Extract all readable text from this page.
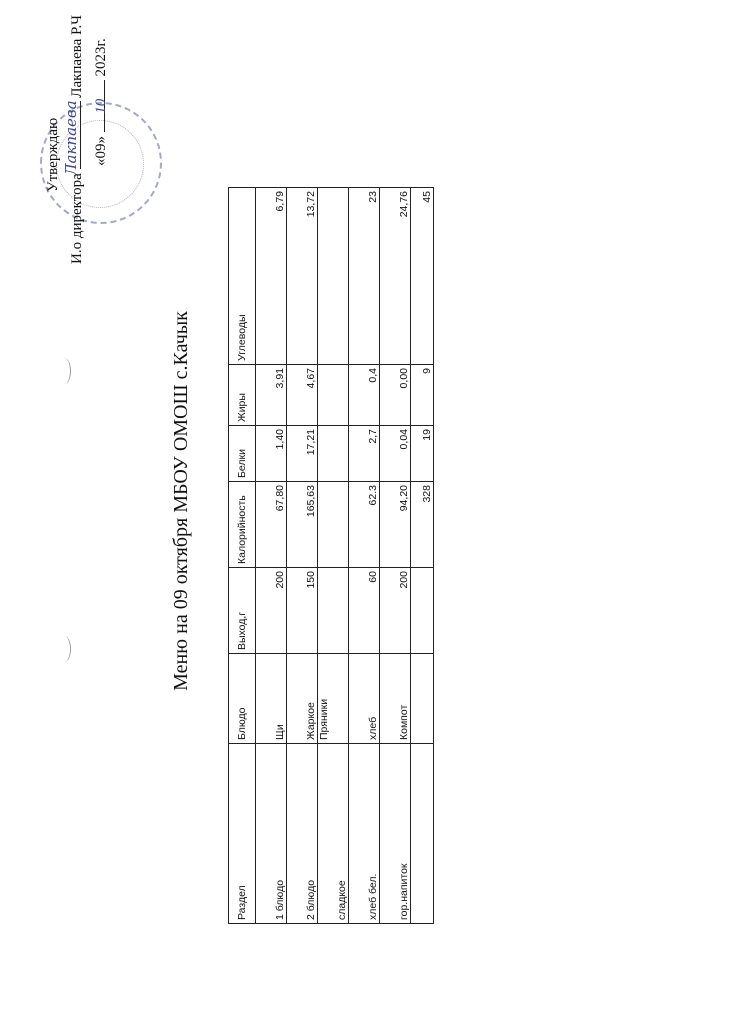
Утверждаю
И.о директора  Лакпаева Р.Ч
«09» 10 2023г.
Лакпаева
Меню на 09 октября МБОУ ОМОШ с.Качык
Раздел	Блюдо	Выход,г	Калорийность	Белки	Жиры	Углеводы
1 блюдо	Щи	200	67,80	1,40	3,91	6,79
2 блюдо	Жаркое	150	165,63	17,21	4,67	13,72
сладкое	Пряники					
хлеб бел.	хлеб	60	62.3	2,7	0,4	23
гор.напиток	Компот	200	94,20	0,04	0,00	24,76
			328	19	9	45
